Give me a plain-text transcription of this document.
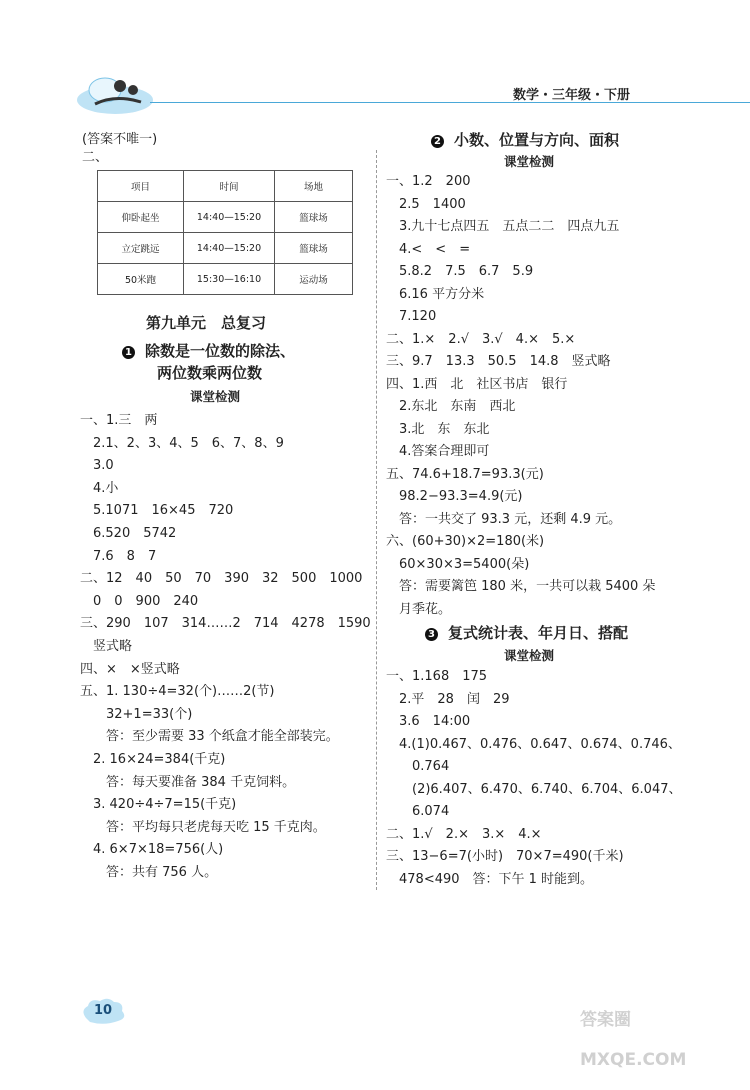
数学・三年级・下册
(答案不唯一)
二、
项目	时间	场地
仰卧起坐	14:40—15:20	篮球场
立定跳远	14:40—15:20	篮球场
50米跑	15:30—16:10	运动场
第九单元　总复习
1 除数是一位数的除法、
两位数乘两位数
课堂检测
一、1.三　两
　2.1、2、3、4、5　6、7、8、9
　3.0
　4.小
　5.1071　16×45　720
　6.520　5742
　7.6　8　7
二、12　40　50　70　390　32　500　1000
　0　0　900　240
三、290　107　314……2　714　4278　1590
　竖式略
四、×　×竖式略
五、1. 130÷4=32(个)……2(节)
　　32+1=33(个)
　　答：至少需要 33 个纸盒才能全部装完。
　2. 16×24=384(千克)
　　答：每天要准备 384 千克饲料。
　3. 420÷4÷7=15(千克)
　　答：平均每只老虎每天吃 15 千克肉。
　4. 6×7×18=756(人)
　　答：共有 756 人。
2 小数、位置与方向、面积
课堂检测
一、1.2　200
　2.5　1400
　3.九十七点四五　五点二二　四点九五
　4.<　<　=
　5.8.2　7.5　6.7　5.9
　6.16 平方分米
　7.120
二、1.×　2.√　3.√　4.×　5.×
三、9.7　13.3　50.5　14.8　竖式略
四、1.西　北　社区书店　银行
　2.东北　东南　西北
　3.北　东　东北
　4.答案合理即可
五、74.6+18.7=93.3(元)
　98.2−93.3=4.9(元)
　答：一共交了 93.3 元，还剩 4.9 元。
六、(60+30)×2=180(米)
　60×30×3=5400(朵)
　答：需要篱笆 180 米，一共可以栽 5400 朵
　月季花。
3 复式统计表、年月日、搭配
课堂检测
一、1.168　175
　2.平　28　闰　29
　3.6　14:00
　4.(1)0.467、0.476、0.647、0.674、0.746、
　　0.764
　　(2)6.407、6.470、6.740、6.704、6.047、
　　6.074
二、1.√　2.×　3.×　4.×
三、13−6=7(小时)　70×7=490(千米)
　478<490　答：下午 1 时能到。
10	答案圈 MXQE.COM
